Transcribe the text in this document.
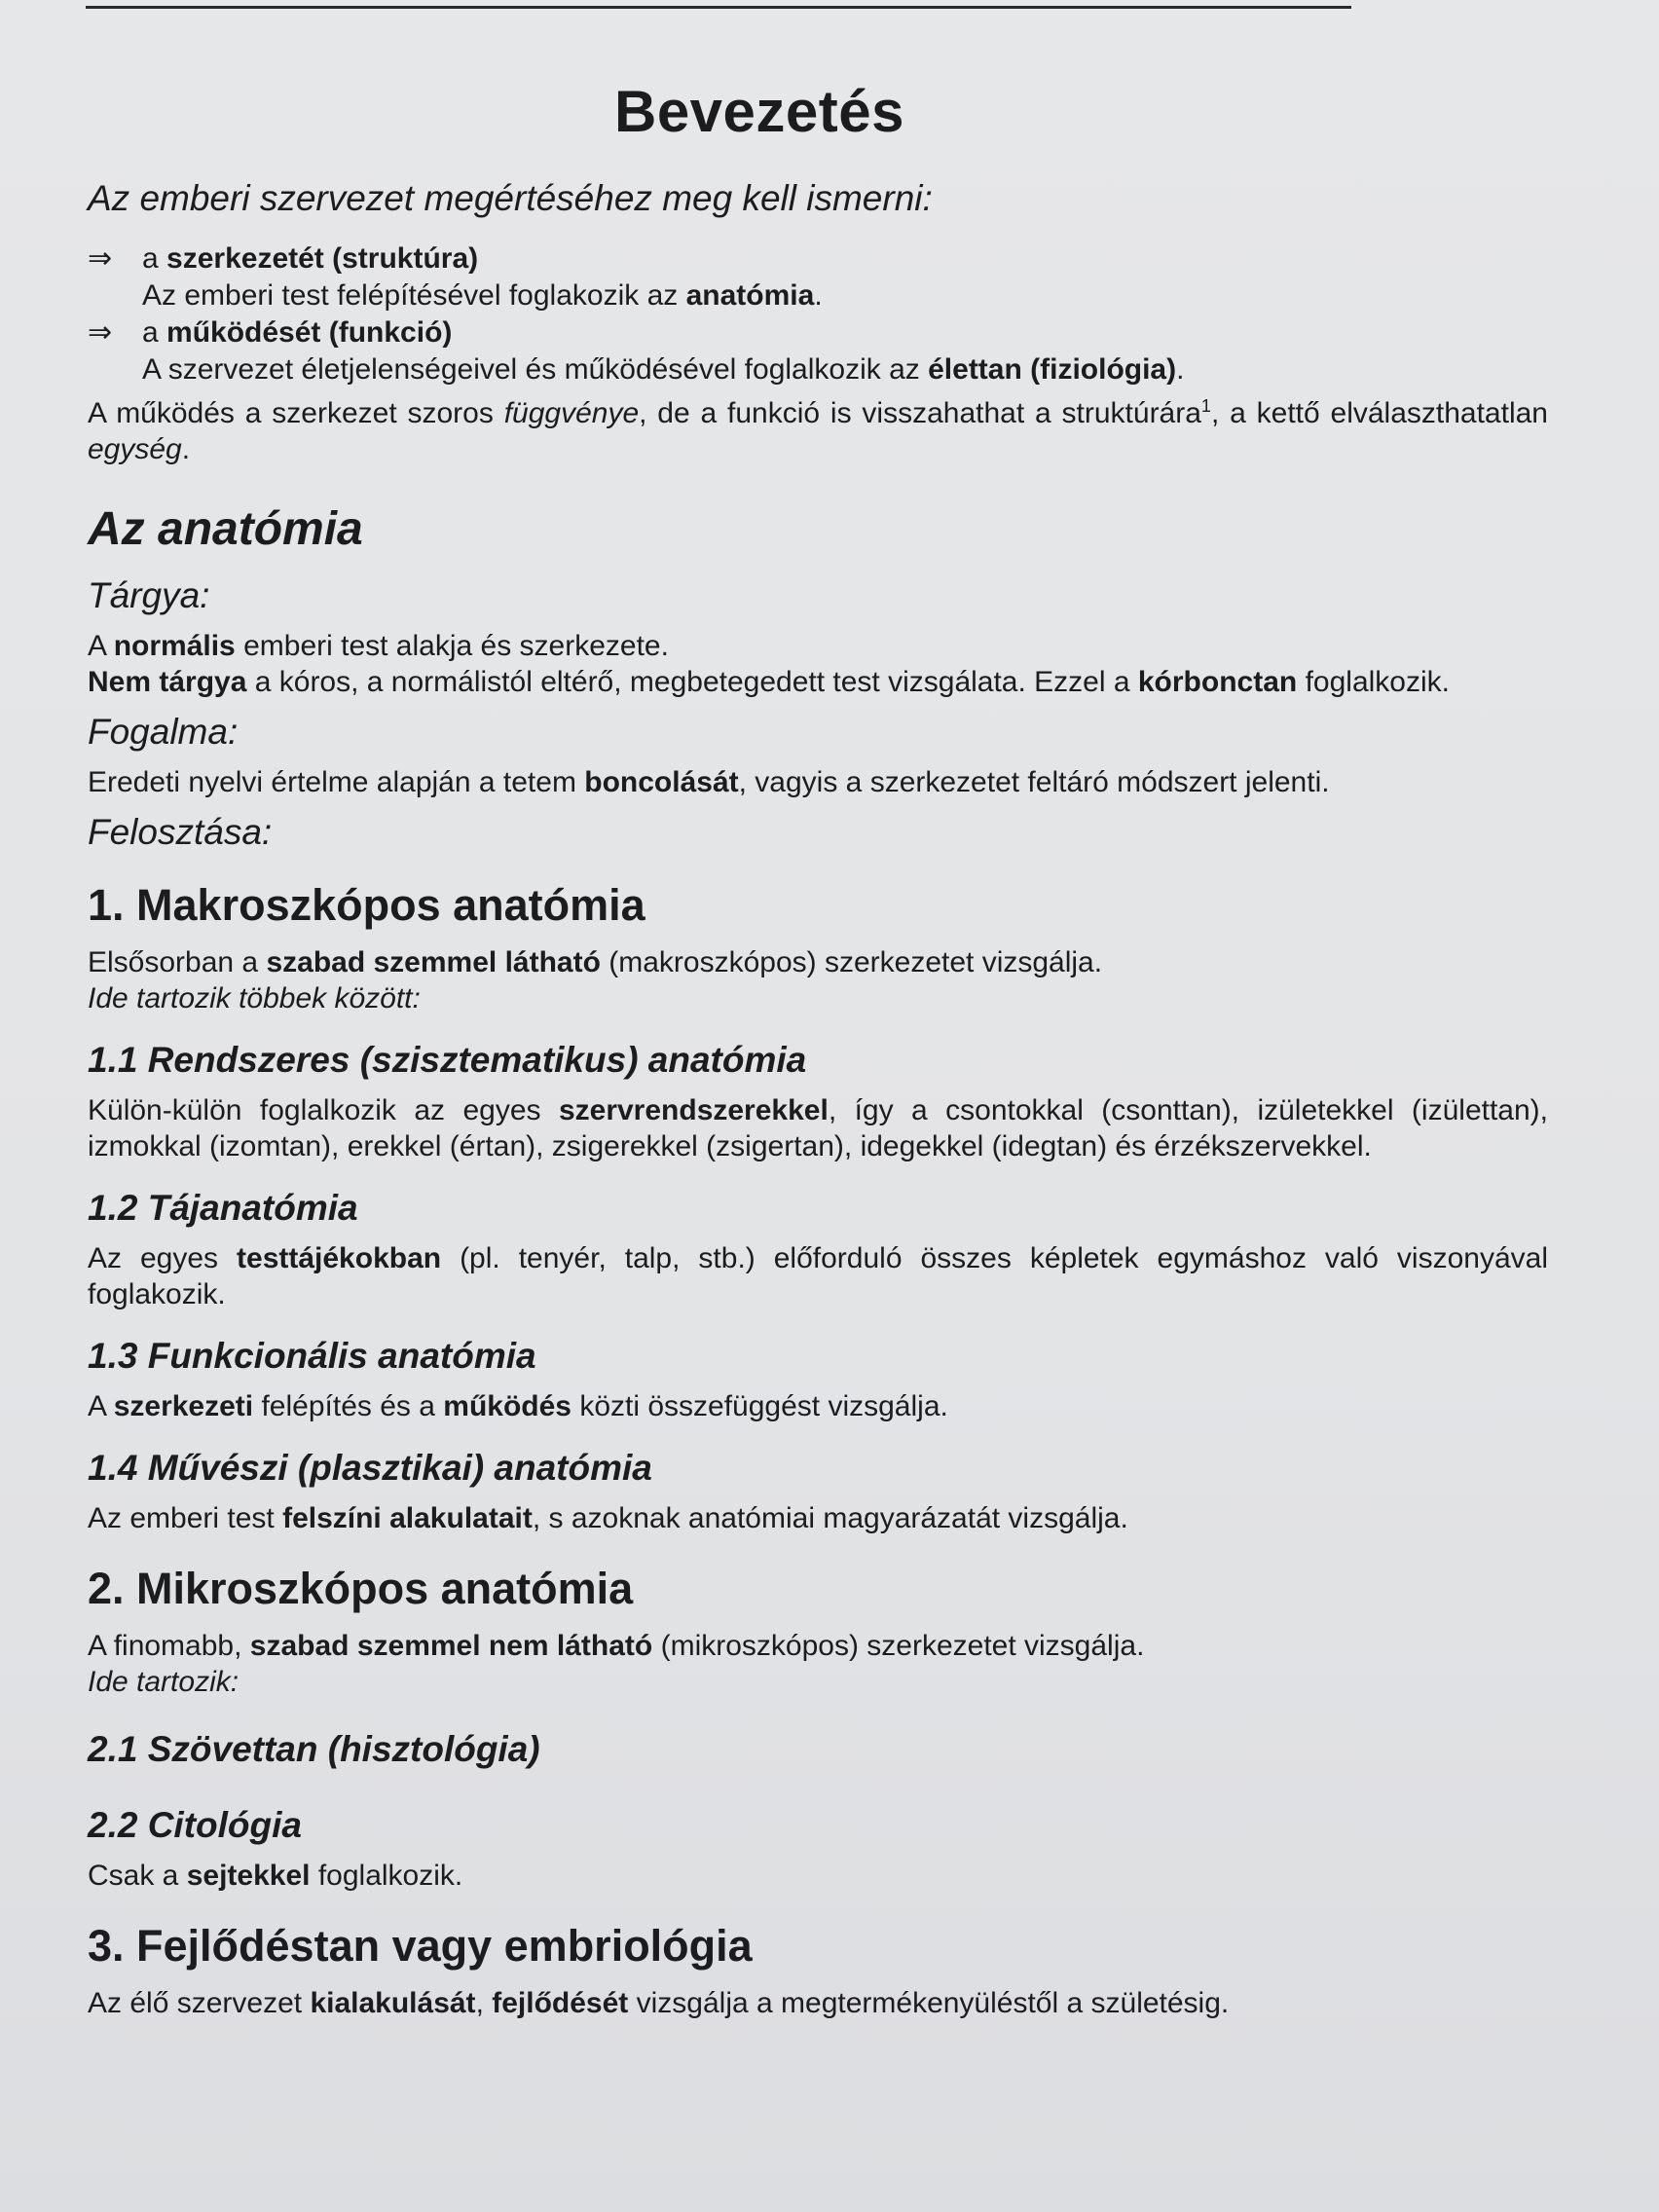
Bevezetés
Az emberi szervezet megértéséhez meg kell ismerni:
⇒	a szerkezetét (struktúra)
Az emberi test felépítésével foglakozik az anatómia.
⇒	a működését (funkció)
A szervezet életjelenségeivel és működésével foglalkozik az élettan (fiziológia).

A működés a szerkezet szoros függvénye, de a funkció is visszahathat a struktúrára$^1$, a kettő elválaszthatatlan egység.

Az anatómia
Tárgya:

A normális emberi test alakja és szerkezete.

Nem tárgya a kóros, a normálistól eltérő, megbetegedett test vizsgálata. Ezzel a kórbonctan foglalkozik.

Fogalma:

Eredeti nyelvi értelme alapján a tetem boncolását, vagyis a szerkezetet feltáró módszert jelenti.

Felosztása:
1. Makroszkópos anatómia

Elsősorban a szabad szemmel látható (makroszkópos) szerkezetet vizsgálja.

Ide tartozik többek között:
1.1 Rendszeres (szisztematikus) anatómia

Külön-külön foglalkozik az egyes szervrendszerekkel, így a csontokkal (csonttan), izületekkel (izülettan), izmokkal (izomtan), erekkel (értan), zsigerekkel (zsigertan), idegekkel (idegtan) és érzékszervekkel.

1.2 Tájanatómia

Az egyes testtájékokban (pl. tenyér, talp, stb.) előforduló összes képletek egymáshoz való viszonyával foglakozik.

1.3 Funkcionális anatómia

A szerkezeti felépítés és a működés közti összefüggést vizsgálja.

1.4 Művészi (plasztikai) anatómia

Az emberi test felszíni alakulatait, s azoknak anatómiai magyarázatát vizsgálja.

2. Mikroszkópos anatómia

A finomabb, szabad szemmel nem látható (mikroszkópos) szerkezetet vizsgálja.

Ide tartozik:
2.1 Szövettan (hisztológia)
2.2 Citológia

Csak a sejtekkel foglalkozik.

3. Fejlődéstan vagy embriológia

Az élő szervezet kialakulását, fejlődését vizsgálja a megtermékenyüléstől a születésig.
